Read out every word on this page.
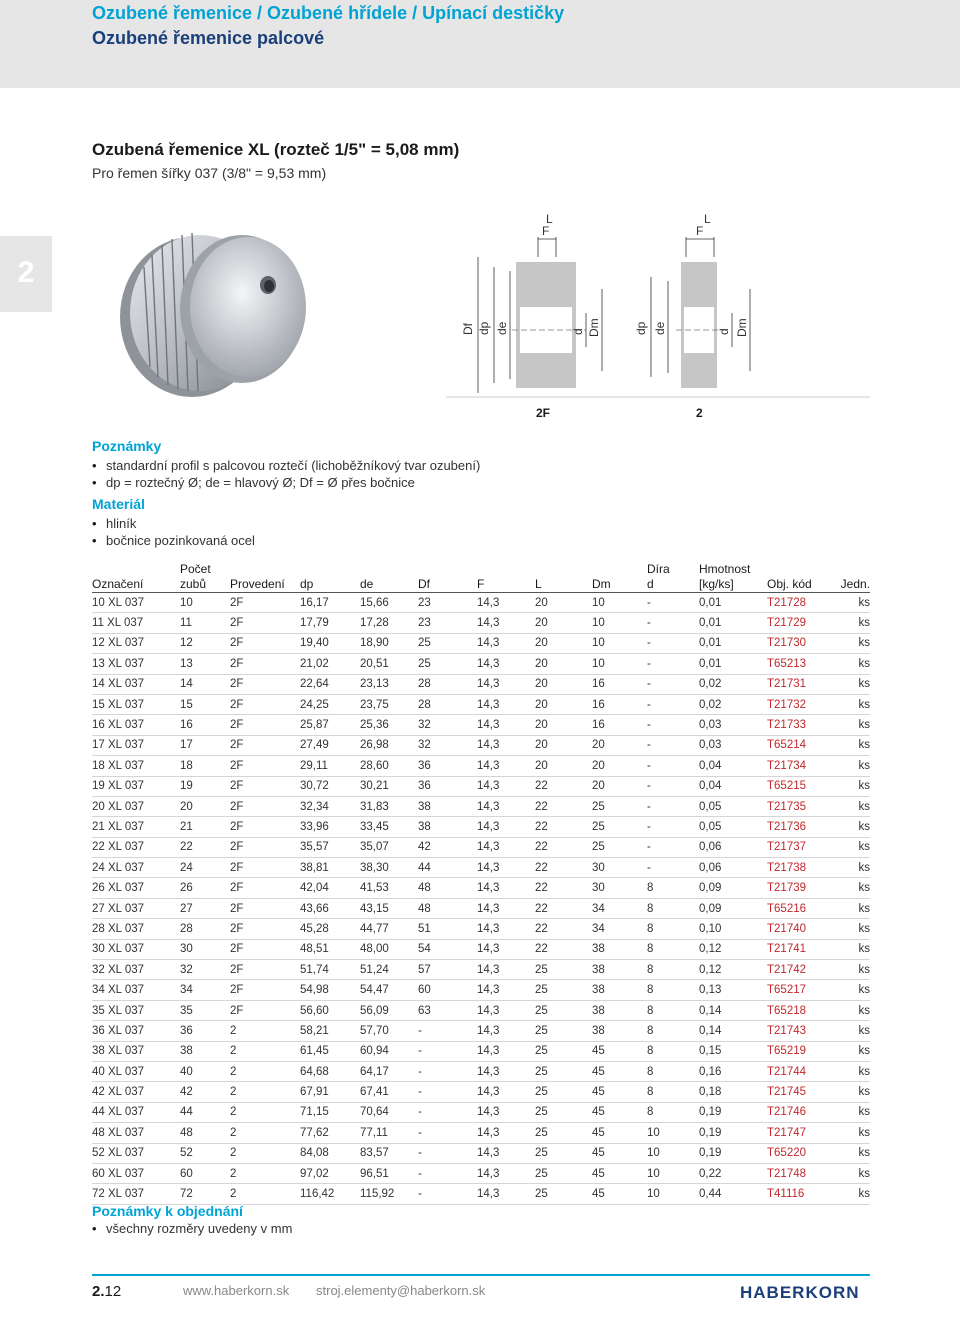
Ozubené řemenice / Ozubené hřídele / Upínací destičky
Ozubené řemenice palcové
Ozubená řemenice XL (rozteč 1/5" = 5,08 mm)
Pro řemen šířky 037 (3/8" = 9,53 mm)
2
L
F
L
F
Df dp de	d Dm	dp de	d Dm
2F	2
Poznámky
• standardní profil s palcovou roztečí (lichoběžníkový tvar ozubení)
• dp = roztečný Ø; de = hlavový Ø; Df = Ø přes bočnice
Materiál
• hliník
• bočnice pozinkovaná ocel
Označení	Počet
zubů	Provedení	dp	de	Df	F	L	Dm	Díra
d	Hmotnost
[kg/ks]	Obj. kód	Jedn.
10 XL 037	10	2F	16,17	15,66	23	14,3	20	10	-	0,01	T21728	ks
11 XL 037	11	2F	17,79	17,28	23	14,3	20	10	-	0,01	T21729	ks
12 XL 037	12	2F	19,40	18,90	25	14,3	20	10	-	0,01	T21730	ks
13 XL 037	13	2F	21,02	20,51	25	14,3	20	10	-	0,01	T65213	ks
14 XL 037	14	2F	22,64	23,13	28	14,3	20	16	-	0,02	T21731	ks
15 XL 037	15	2F	24,25	23,75	28	14,3	20	16	-	0,02	T21732	ks
16 XL 037	16	2F	25,87	25,36	32	14,3	20	16	-	0,03	T21733	ks
17 XL 037	17	2F	27,49	26,98	32	14,3	20	20	-	0,03	T65214	ks
18 XL 037	18	2F	29,11	28,60	36	14,3	20	20	-	0,04	T21734	ks
19 XL 037	19	2F	30,72	30,21	36	14,3	22	20	-	0,04	T65215	ks
20 XL 037	20	2F	32,34	31,83	38	14,3	22	25	-	0,05	T21735	ks
21 XL 037	21	2F	33,96	33,45	38	14,3	22	25	-	0,05	T21736	ks
22 XL 037	22	2F	35,57	35,07	42	14,3	22	25	-	0,06	T21737	ks
24 XL 037	24	2F	38,81	38,30	44	14,3	22	30	-	0,06	T21738	ks
26 XL 037	26	2F	42,04	41,53	48	14,3	22	30	8	0,09	T21739	ks
27 XL 037	27	2F	43,66	43,15	48	14,3	22	34	8	0,09	T65216	ks
28 XL 037	28	2F	45,28	44,77	51	14,3	22	34	8	0,10	T21740	ks
30 XL 037	30	2F	48,51	48,00	54	14,3	22	38	8	0,12	T21741	ks
32 XL 037	32	2F	51,74	51,24	57	14,3	25	38	8	0,12	T21742	ks
34 XL 037	34	2F	54,98	54,47	60	14,3	25	38	8	0,13	T65217	ks
35 XL 037	35	2F	56,60	56,09	63	14,3	25	38	8	0,14	T65218	ks
36 XL 037	36	2	58,21	57,70	-	14,3	25	38	8	0,14	T21743	ks
38 XL 037	38	2	61,45	60,94	-	14,3	25	45	8	0,15	T65219	ks
40 XL 037	40	2	64,68	64,17	-	14,3	25	45	8	0,16	T21744	ks
42 XL 037	42	2	67,91	67,41	-	14,3	25	45	8	0,18	T21745	ks
44 XL 037	44	2	71,15	70,64	-	14,3	25	45	8	0,19	T21746	ks
48 XL 037	48	2	77,62	77,11	-	14,3	25	45	10	0,19	T21747	ks
52 XL 037	52	2	84,08	83,57	-	14,3	25	45	10	0,19	T65220	ks
60 XL 037	60	2	97,02	96,51	-	14,3	25	45	10	0,22	T21748	ks
72 XL 037	72	2	116,42	115,92	-	14,3	25	45	10	0,44	T41116	ks
Poznámky k objednání
• všechny rozměry uvedeny v mm
2.12	www.haberkorn.sk stroj.elementy@haberkorn.sk	HABERKORN
